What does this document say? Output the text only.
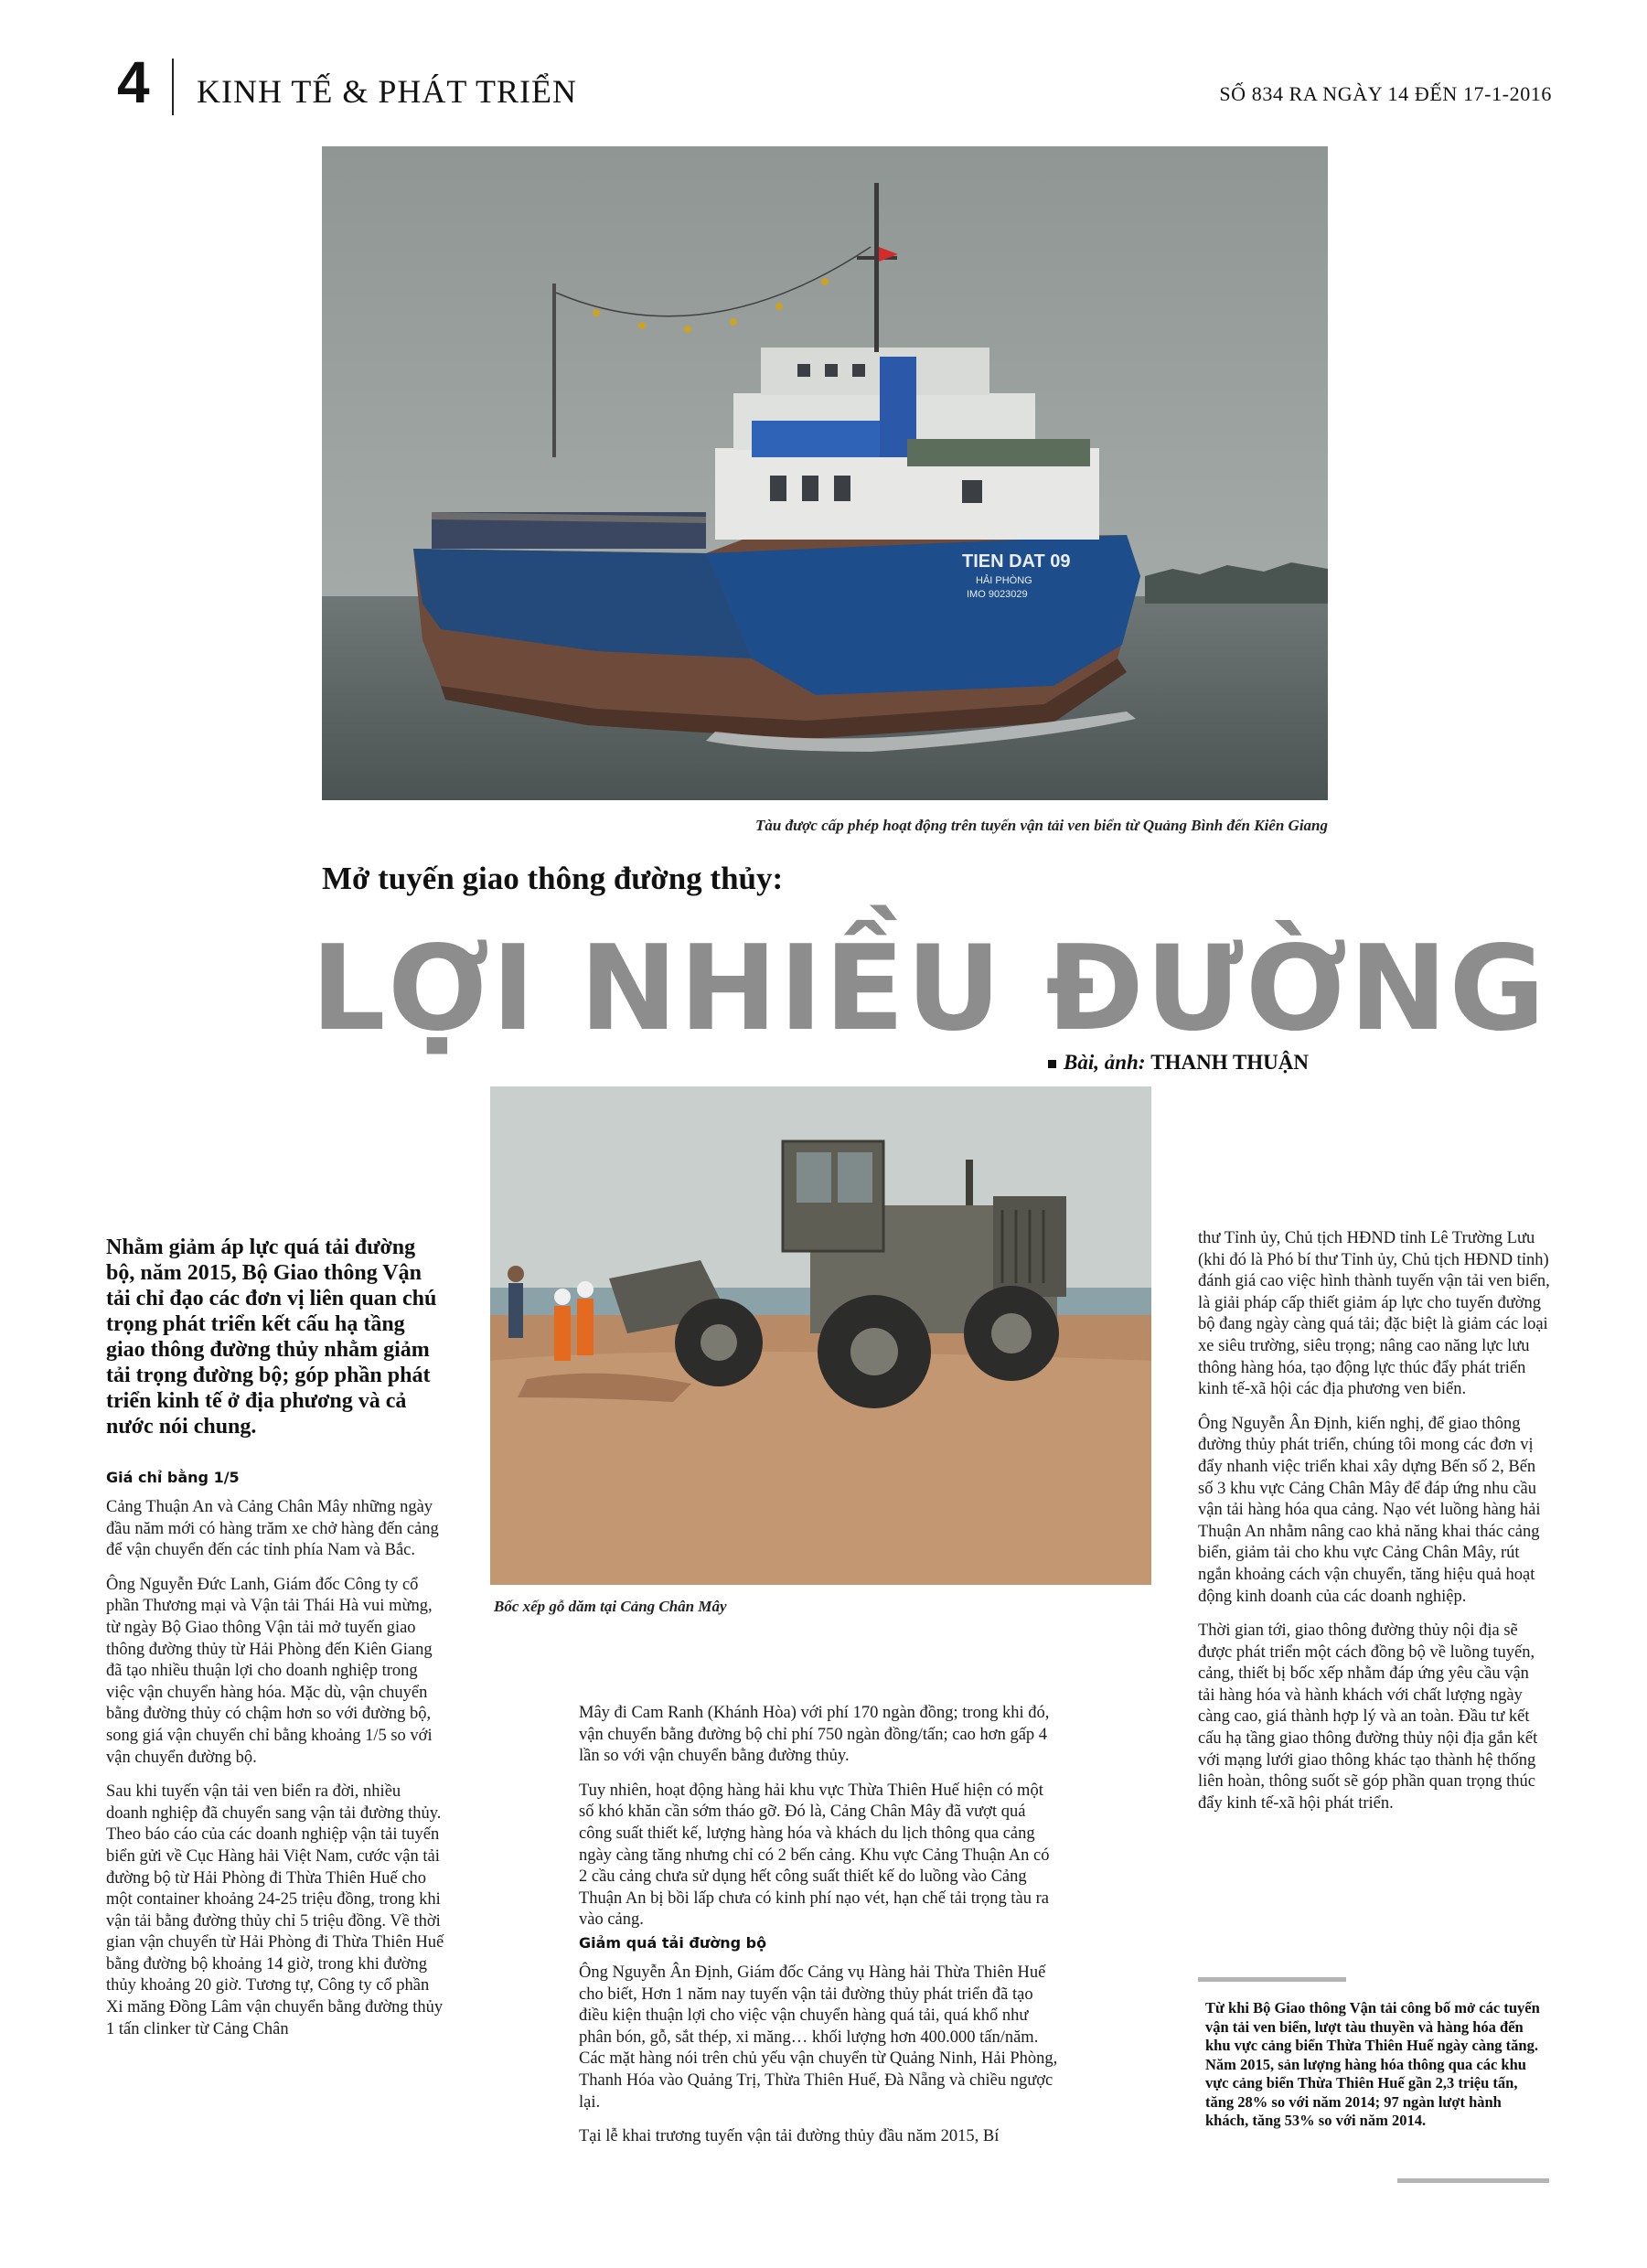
4 KINH TẾ & PHÁT TRIỂN	SỐ 834 RA NGÀY 14 ĐẾN 17-1-2016
TIEN DAT 09
HẢI PHÒNG
IMO 9023029
Tàu được cấp phép hoạt động trên tuyến vận tải ven biển từ Quảng Bình đến Kiên Giang
Mở tuyến giao thông đường thủy:
LỢI NHIỀU ĐƯỜNG
Bài, ảnh: THANH THUẬN
Bốc xếp gỗ dăm tại Cảng Chân Mây
Nhằm giảm áp lực quá tải đường bộ, năm 2015, Bộ Giao thông Vận tải chỉ đạo các đơn vị liên quan chú trọng phát triển kết cấu hạ tầng giao thông đường thủy nhằm giảm tải trọng đường bộ; góp phần phát triển kinh tế ở địa phương và cả nước nói chung.
Giá chỉ bằng 1/5

Cảng Thuận An và Cảng Chân Mây những ngày đầu năm mới có hàng trăm xe chở hàng đến cảng để vận chuyển đến các tỉnh phía Nam và Bắc.

Ông Nguyễn Đức Lanh, Giám đốc Công ty cổ phần Thương mại và Vận tải Thái Hà vui mừng, từ ngày Bộ Giao thông Vận tải mở tuyến giao thông đường thủy từ Hải Phòng đến Kiên Giang đã tạo nhiều thuận lợi cho doanh nghiệp trong việc vận chuyển hàng hóa. Mặc dù, vận chuyển bằng đường thủy có chậm hơn so với đường bộ, song giá vận chuyển chỉ bằng khoảng 1/5 so với vận chuyển đường bộ.

Sau khi tuyến vận tải ven biển ra đời, nhiều doanh nghiệp đã chuyển sang vận tải đường thủy. Theo báo cáo của các doanh nghiệp vận tải tuyến biển gửi về Cục Hàng hải Việt Nam, cước vận tải đường bộ từ Hải Phòng đi Thừa Thiên Huế cho một container khoảng 24-25 triệu đồng, trong khi vận tải bằng đường thủy chỉ 5 triệu đồng. Về thời gian vận chuyển từ Hải Phòng đi Thừa Thiên Huế bằng đường bộ khoảng 14 giờ, trong khi đường thủy khoảng 20 giờ. Tương tự, Công ty cổ phần Xi măng Đồng Lâm vận chuyển bằng đường thủy 1 tấn clinker từ Cảng Chân

Mây đi Cam Ranh (Khánh Hòa) với phí 170 ngàn đồng; trong khi đó, vận chuyển bằng đường bộ chỉ phí 750 ngàn đồng/tấn; cao hơn gấp 4 lần so với vận chuyển bằng đường thủy.

Tuy nhiên, hoạt động hàng hải khu vực Thừa Thiên Huế hiện có một số khó khăn cần sớm tháo gỡ. Đó là, Cảng Chân Mây đã vượt quá công suất thiết kế, lượng hàng hóa và khách du lịch thông qua cảng ngày càng tăng nhưng chỉ có 2 bến cảng. Khu vực Cảng Thuận An có 2 cầu cảng chưa sử dụng hết công suất thiết kế do luồng vào Cảng Thuận An bị bồi lấp chưa có kinh phí nạo vét, hạn chế tải trọng tàu ra vào cảng.

Giảm quá tải đường bộ

Ông Nguyễn Ân Định, Giám đốc Cảng vụ Hàng hải Thừa Thiên Huế cho biết, Hơn 1 năm nay tuyến vận tải đường thủy phát triển đã tạo điều kiện thuận lợi cho việc vận chuyển hàng quá tải, quá khổ như phân bón, gỗ, sắt thép, xi măng… khối lượng hơn 400.000 tấn/năm. Các mặt hàng nói trên chủ yếu vận chuyển từ Quảng Ninh, Hải Phòng, Thanh Hóa vào Quảng Trị, Thừa Thiên Huế, Đà Nẵng và chiều ngược lại.

Tại lễ khai trương tuyến vận tải đường thủy đầu năm 2015, Bí

thư Tỉnh ủy, Chủ tịch HĐND tỉnh Lê Trường Lưu (khi đó là Phó bí thư Tỉnh ủy, Chủ tịch HĐND tỉnh) đánh giá cao việc hình thành tuyến vận tải ven biển, là giải pháp cấp thiết giảm áp lực cho tuyến đường bộ đang ngày càng quá tải; đặc biệt là giảm các loại xe siêu trường, siêu trọng; nâng cao năng lực lưu thông hàng hóa, tạo động lực thúc đẩy phát triển kinh tế-xã hội các địa phương ven biển.

Ông Nguyễn Ân Định, kiến nghị, để giao thông đường thủy phát triển, chúng tôi mong các đơn vị đẩy nhanh việc triển khai xây dựng Bến số 2, Bến số 3 khu vực Cảng Chân Mây để đáp ứng nhu cầu vận tải hàng hóa qua cảng. Nạo vét luồng hàng hải Thuận An nhằm nâng cao khả năng khai thác cảng biển, giảm tải cho khu vực Cảng Chân Mây, rút ngắn khoảng cách vận chuyển, tăng hiệu quả hoạt động kinh doanh của các doanh nghiệp.

Thời gian tới, giao thông đường thủy nội địa sẽ được phát triển một cách đồng bộ về luồng tuyến, cảng, thiết bị bốc xếp nhằm đáp ứng yêu cầu vận tải hàng hóa và hành khách với chất lượng ngày càng cao, giá thành hợp lý và an toàn. Đầu tư kết cấu hạ tầng giao thông đường thủy nội địa gắn kết với mạng lưới giao thông khác tạo thành hệ thống liên hoàn, thông suốt sẽ góp phần quan trọng thúc đẩy kinh tế-xã hội phát triển.

Từ khi Bộ Giao thông Vận tải công bố mở các tuyến vận tải ven biển, lượt tàu thuyền và hàng hóa đến khu vực cảng biển Thừa Thiên Huế ngày càng tăng. Năm 2015, sản lượng hàng hóa thông qua các khu vực cảng biển Thừa Thiên Huế gần 2,3 triệu tấn, tăng 28% so với năm 2014; 97 ngàn lượt hành khách, tăng 53% so với năm 2014.
